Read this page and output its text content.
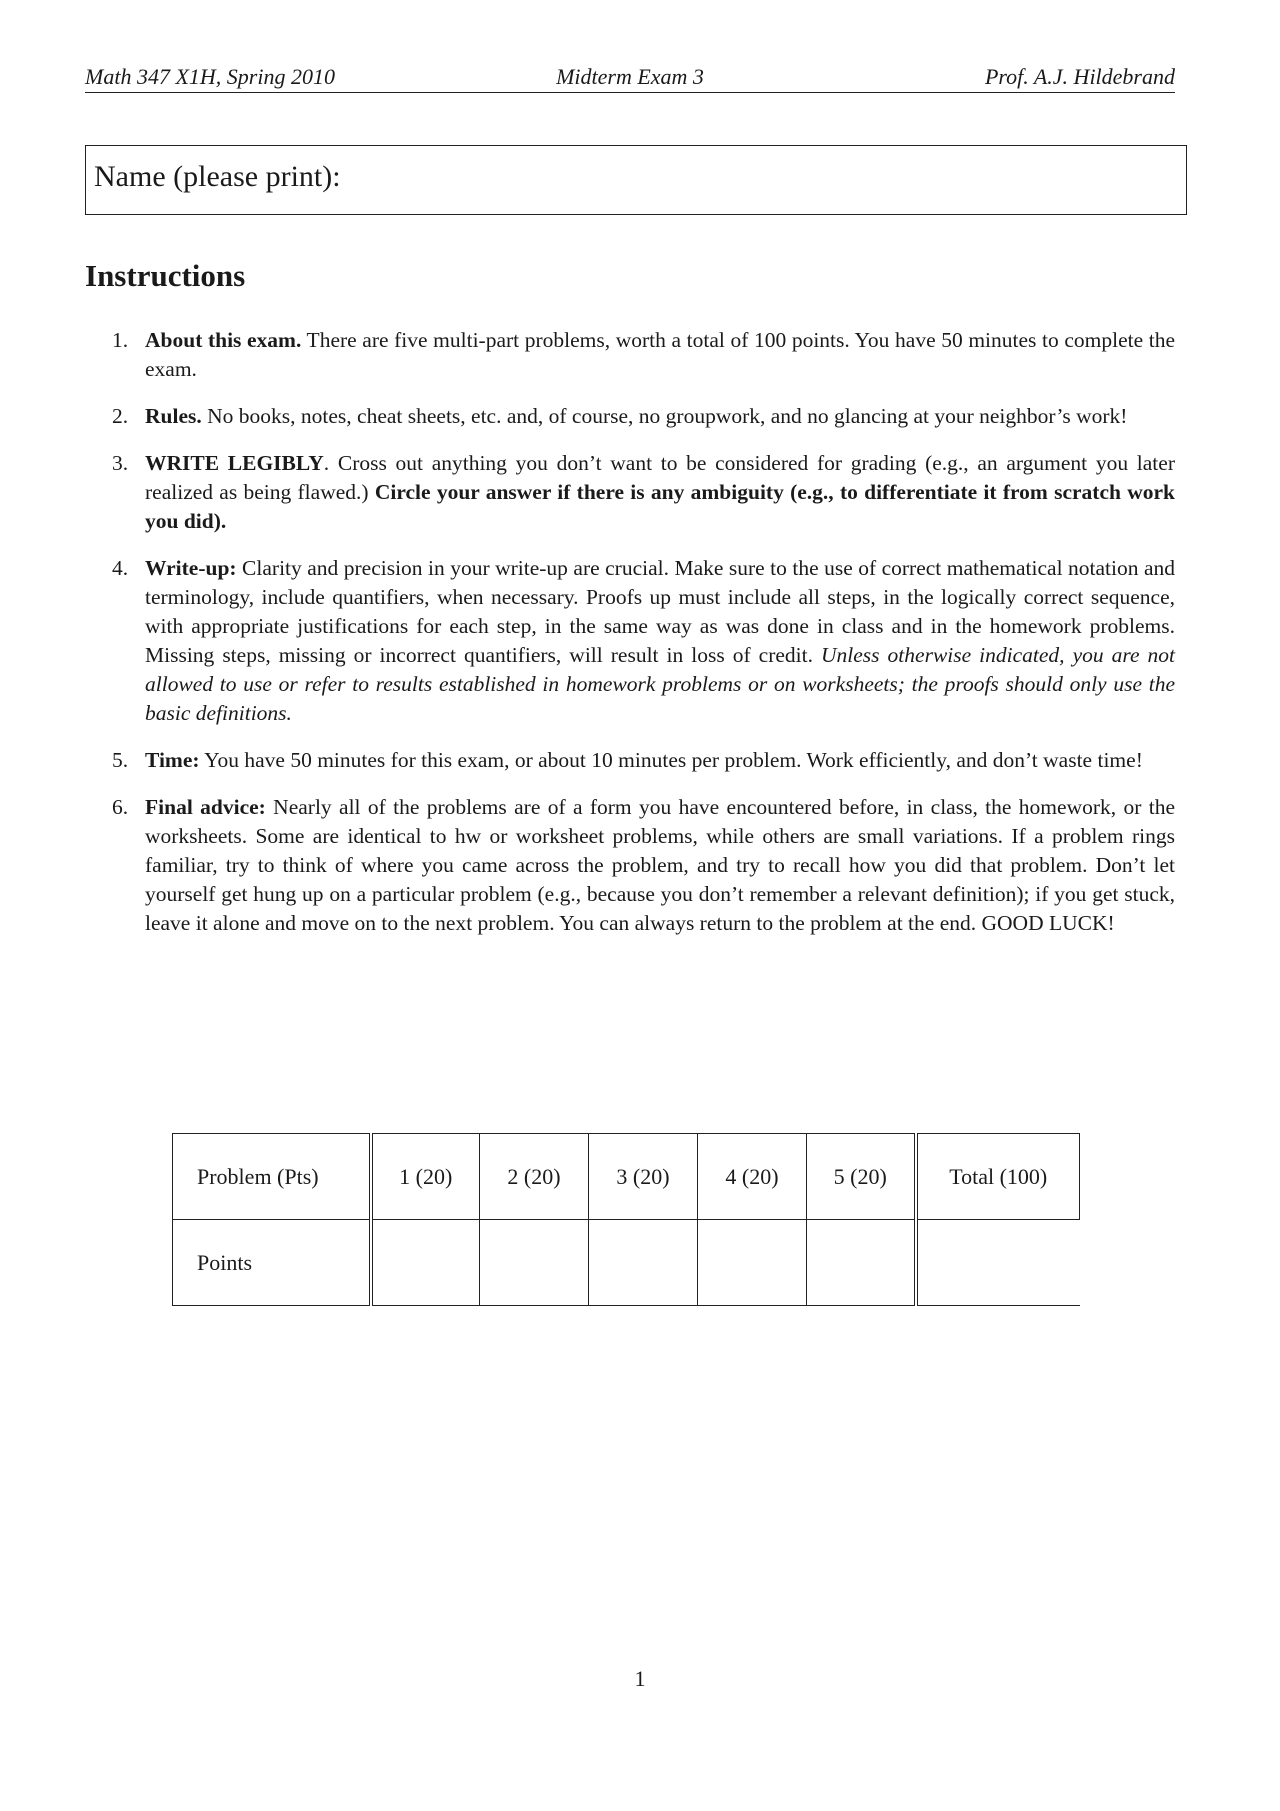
Math 347 X1H, Spring 2010	Midterm Exam 3	Prof. A.J. Hildebrand
Name (please print):
Instructions
1. About this exam. There are five multi-part problems, worth a total of 100 points. You have 50 minutes to complete the exam.
2. Rules. No books, notes, cheat sheets, etc. and, of course, no groupwork, and no glancing at your neighbor’s work!
3. WRITE LEGIBLY. Cross out anything you don’t want to be considered for grading (e.g., an argument you later realized as being flawed.) Circle your answer if there is any ambiguity (e.g., to differentiate it from scratch work you did).
4. Write-up: Clarity and precision in your write-up are crucial. Make sure to the use of correct mathematical notation and terminology, include quantifiers, when necessary. Proofs up must include all steps, in the logically correct sequence, with appropriate justifications for each step, in the same way as was done in class and in the homework problems. Missing steps, missing or incorrect quantifiers, will result in loss of credit. Unless otherwise indicated, you are not allowed to use or refer to results established in homework problems or on worksheets; the proofs should only use the basic definitions.
5. Time: You have 50 minutes for this exam, or about 10 minutes per problem. Work efficiently, and don’t waste time!
6. Final advice: Nearly all of the problems are of a form you have encountered before, in class, the homework, or the worksheets. Some are identical to hw or worksheet problems, while others are small variations. If a problem rings familiar, try to think of where you came across the problem, and try to recall how you did that problem. Don’t let yourself get hung up on a particular problem (e.g., because you don’t remember a relevant definition); if you get stuck, leave it alone and move on to the next problem. You can always return to the problem at the end. GOOD LUCK!
Problem (Pts)	1 (20)	2 (20)	3 (20)	4 (20)	5 (20)	Total (100)
Points						
1
